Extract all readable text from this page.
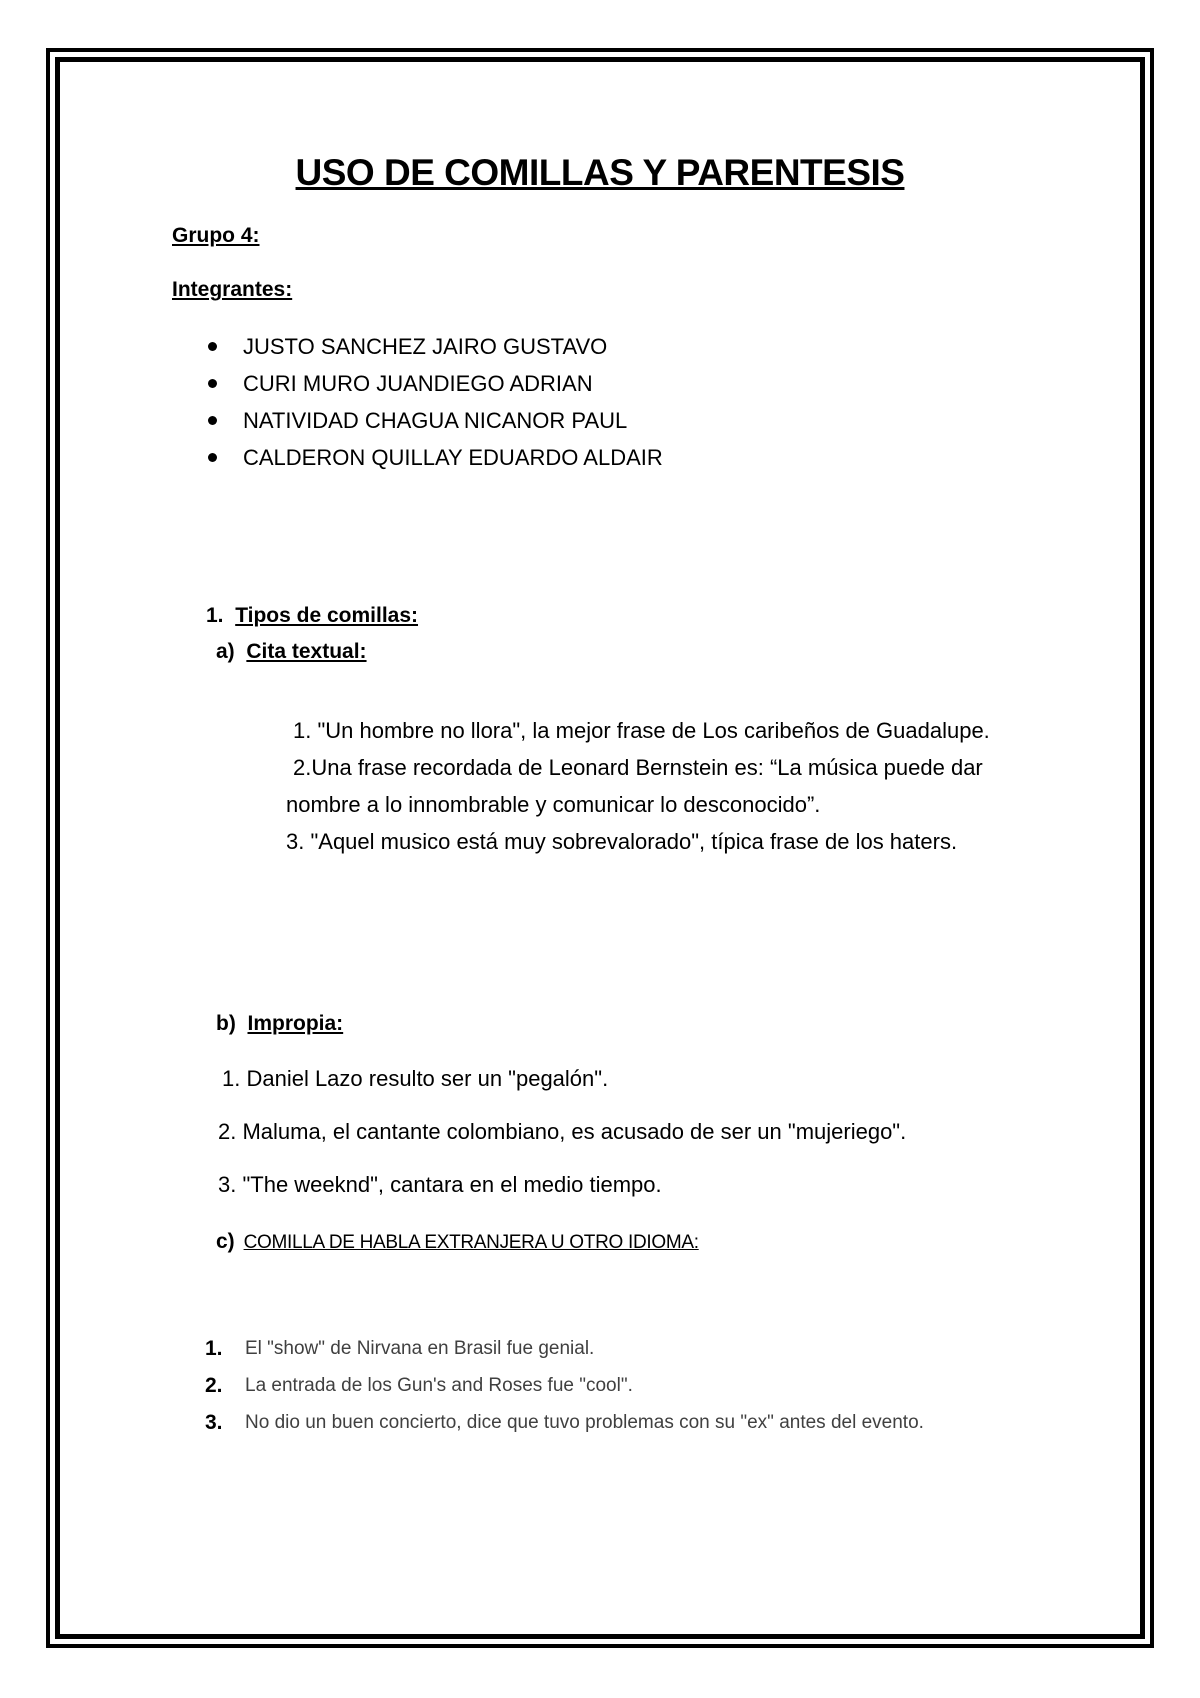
USO DE COMILLAS Y PARENTESIS
Grupo 4:
Integrantes:
JUSTO SANCHEZ JAIRO GUSTAVO
CURI MURO JUANDIEGO ADRIAN
NATIVIDAD CHAGUA NICANOR PAUL
CALDERON QUILLAY EDUARDO ALDAIR
1. Tipos de comillas:
a) Cita textual:

1. "Un hombre no llora", la mejor frase de Los caribeños de Guadalupe.

2.Una frase recordada de Leonard Bernstein es: “La música puede dar nombre a lo innombrable y comunicar lo desconocido”.

3. "Aquel musico está muy sobrevalorado", típica frase de los haters.

b) Impropia:
1. Daniel Lazo resulto ser un "pegalón".
2. Maluma, el cantante colombiano, es acusado de ser un "mujeriego".
3. "The weeknd", cantara en el medio tiempo.
c) COMILLA DE HABLA EXTRANJERA U OTRO IDIOMA:
1.	El "show" de Nirvana en Brasil fue genial.
2.	La entrada de los Gun's and Roses fue "cool".
3.	No dio un buen concierto, dice que tuvo problemas con su "ex" antes del evento.
